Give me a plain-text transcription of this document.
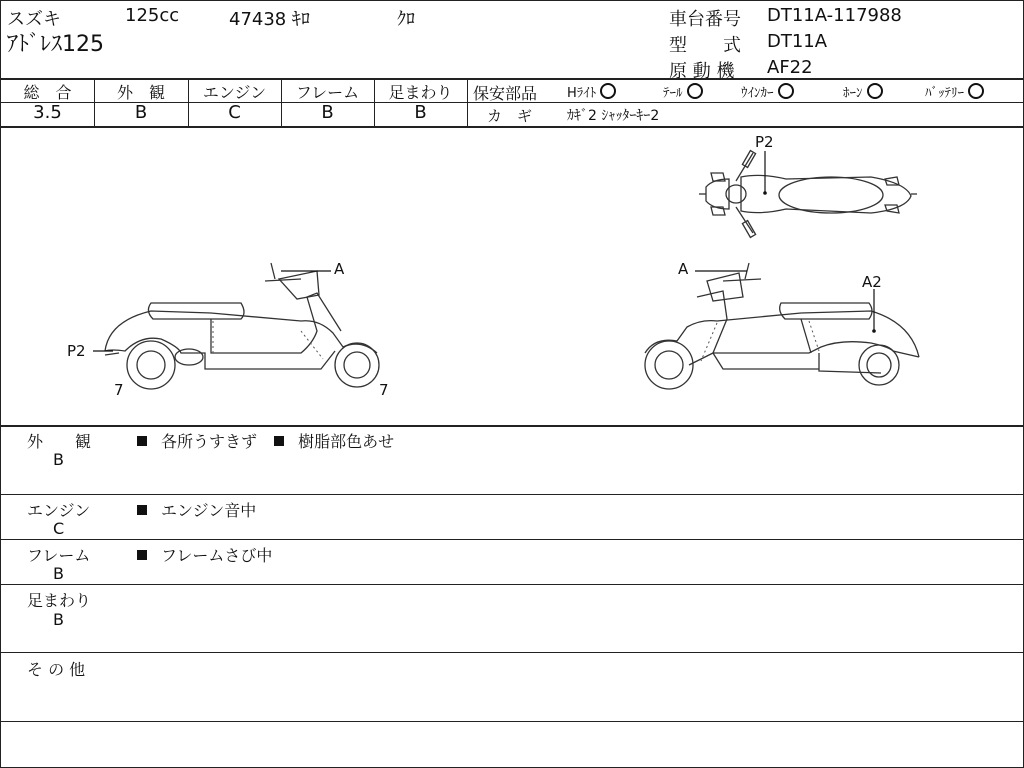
スズキ	125cc	47438 ｷﾛ	ｸﾛ
ｱﾄﾞﾚｽ125
車台番号 DT11A-117988
型　　式 DT11A
原 動 機 AF22
総　合
3.5
外　観
B
エンジン
C
フレーム
B
足まわり
B
保安部品 Hﾗｲﾄ	ﾃｰﾙ	ｳｲﾝｶｰ	ﾎｰﾝ	ﾊﾞｯﾃﾘｰ
カ　ギ ｶｷﾞ2 ｼｬｯﾀｰｷｰ2
P2
A
P2
7	7
A
A2
外　　観
B
各所うすきず	樹脂部色あせ
エンジン
C
エンジン音中
フレーム
B
フレームさび中
足まわり
B
そ の 他
